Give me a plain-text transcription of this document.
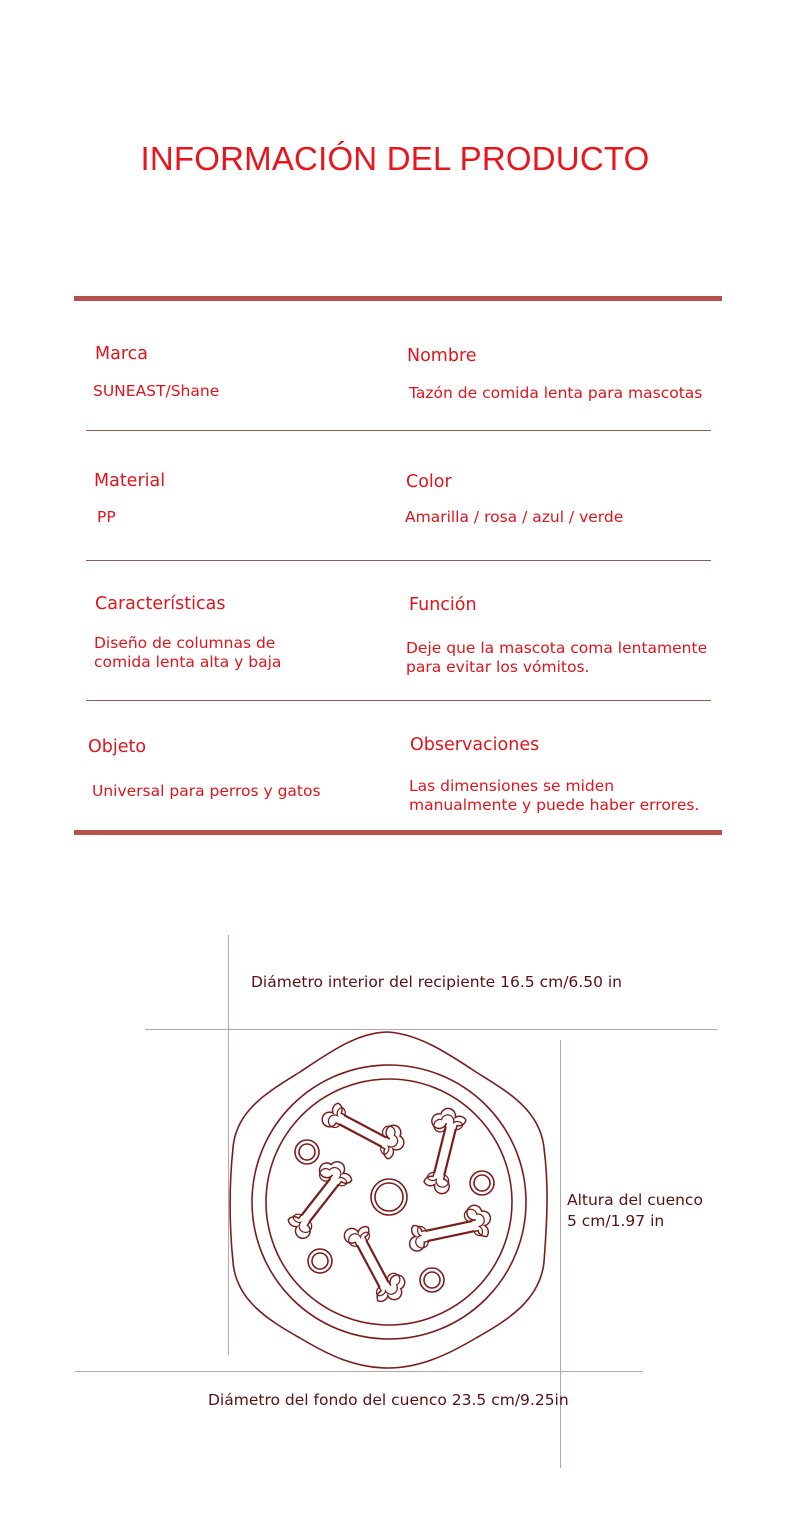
INFORMACIÓN DEL PRODUCTO
Marca
SUNEAST/Shane
Nombre
Tazón de comida lenta para mascotas
Material
PP
Color
Amarilla / rosa / azul / verde
Características
Diseño de columnas de
comida lenta alta y baja
Función
Deje que la mascota coma lentamente
para evitar los vómitos.
Objeto
Universal para perros y gatos
Observaciones
Las dimensiones se miden
manualmente y puede haber errores.
Diámetro interior del recipiente 16.5 cm/6.50 in
Altura del cuenco
5 cm/1.97 in
Diámetro del fondo del cuenco 23.5 cm/9.25in
